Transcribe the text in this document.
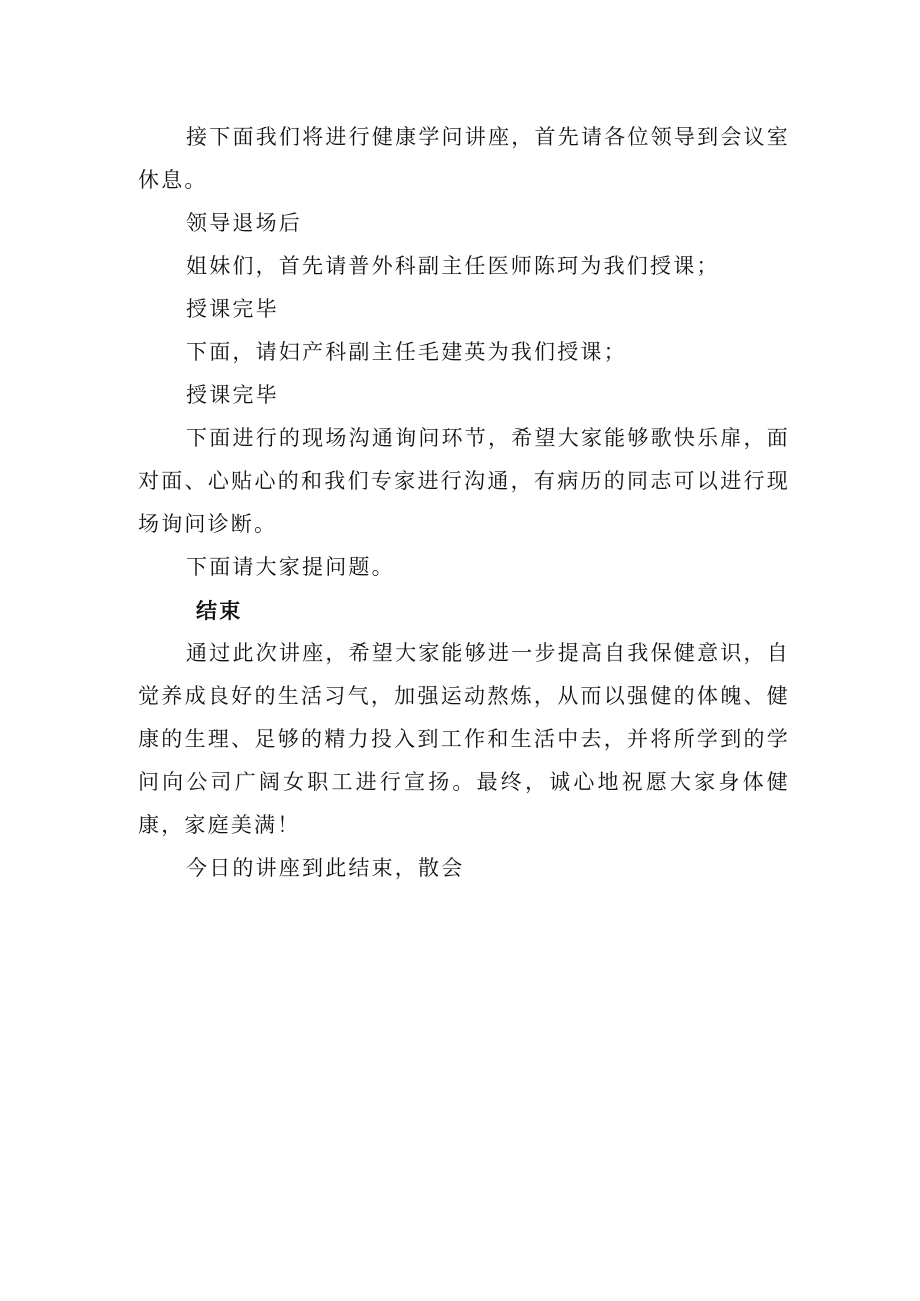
接下面我们将进行健康学问讲座，首先请各位领导到会议室休息。

领导退场后

姐妹们，首先请普外科副主任医师陈珂为我们授课；

授课完毕

下面，请妇产科副主任毛建英为我们授课；

授课完毕

下面进行的现场沟通询问环节，希望大家能够歌快乐扉，面对面、心贴心的和我们专家进行沟通，有病历的同志可以进行现场询问诊断。

下面请大家提问题。

结束

通过此次讲座，希望大家能够进一步提高自我保健意识，自觉养成良好的生活习气，加强运动熬炼，从而以强健的体魄、健康的生理、足够的精力投入到工作和生活中去，并将所学到的学问向公司广阔女职工进行宣扬。最终，诚心地祝愿大家身体健康，家庭美满！

今日的讲座到此结束，散会
